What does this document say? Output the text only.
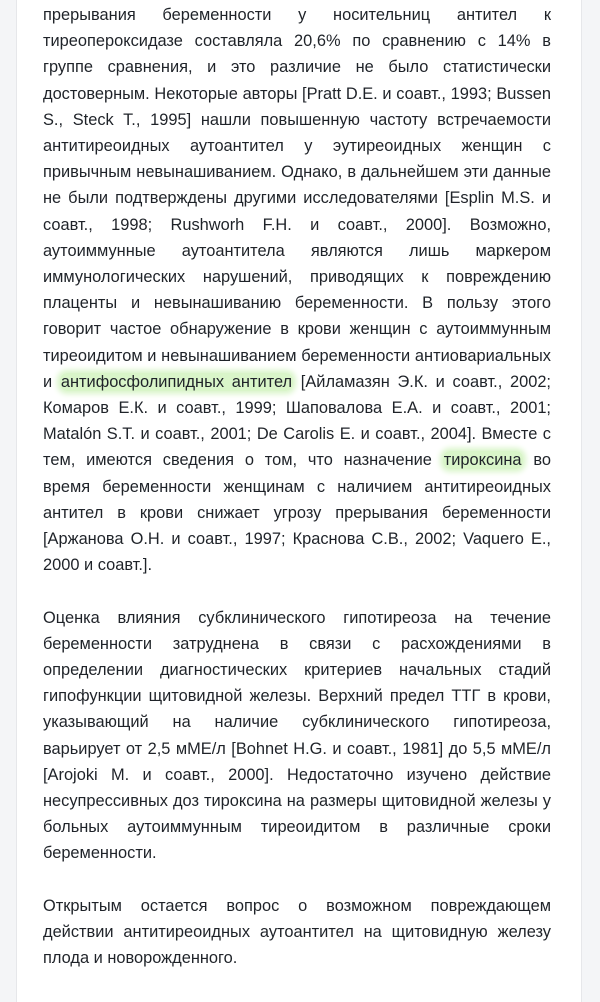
прерывания беременности у носительниц антител к тиреопероксидазе составляла 20,6% по сравнению с 14% в группе сравнения, и это различие не было статистически достоверным. Некоторые авторы [Pratt D.E. и соавт., 1993; Bussen S., Steck T., 1995] нашли повышенную частоту встречаемости антитиреоидных аутоантител у эутиреоидных женщин с привычным невынашиванием. Однако, в дальнейшем эти данные не были подтверждены другими исследователями [Esplin M.S. и соавт., 1998; Rushworh F.H. и соавт., 2000]. Возможно, аутоиммунные аутоантитела являются лишь маркером иммунологических нарушений, приводящих к повреждению плаценты и невынашиванию беременности. В пользу этого говорит частое обнаружение в крови женщин с аутоиммунным тиреоидитом и невынашиванием беременности антиовариальных и антифосфолипидных антител [Айламазян Э.К. и соавт., 2002; Комаров Е.К. и соавт., 1999; Шаповалова Е.А. и соавт., 2001; Matalón S.T. и соавт., 2001; De Carolis E. и соавт., 2004]. Вместе с тем, имеются сведения о том, что назначение тироксина во время беременности женщинам с наличием антитиреоидных антител в крови снижает угрозу прерывания беременности [Аржанова О.Н. и соавт., 1997; Краснова С.В., 2002; Vaquero E., 2000 и соавт.].

Оценка влияния субклинического гипотиреоза на течение беременности затруднена в связи с расхождениями в определении диагностических критериев начальных стадий гипофункции щитовидной железы. Верхний предел ТТГ в крови, указывающий на наличие субклинического гипотиреоза, варьирует от 2,5 мМЕ/л [Bohnet H.G. и соавт., 1981] до 5,5 мМЕ/л [Arojoki M. и соавт., 2000]. Недостаточно изучено действие несупрессивных доз тироксина на размеры щитовидной железы у больных аутоиммунным тиреоидитом в различные сроки беременности.

Открытым остается вопрос о возможном повреждающем действии антитиреоидных аутоантител на щитовидную железу плода и новорожденного.
